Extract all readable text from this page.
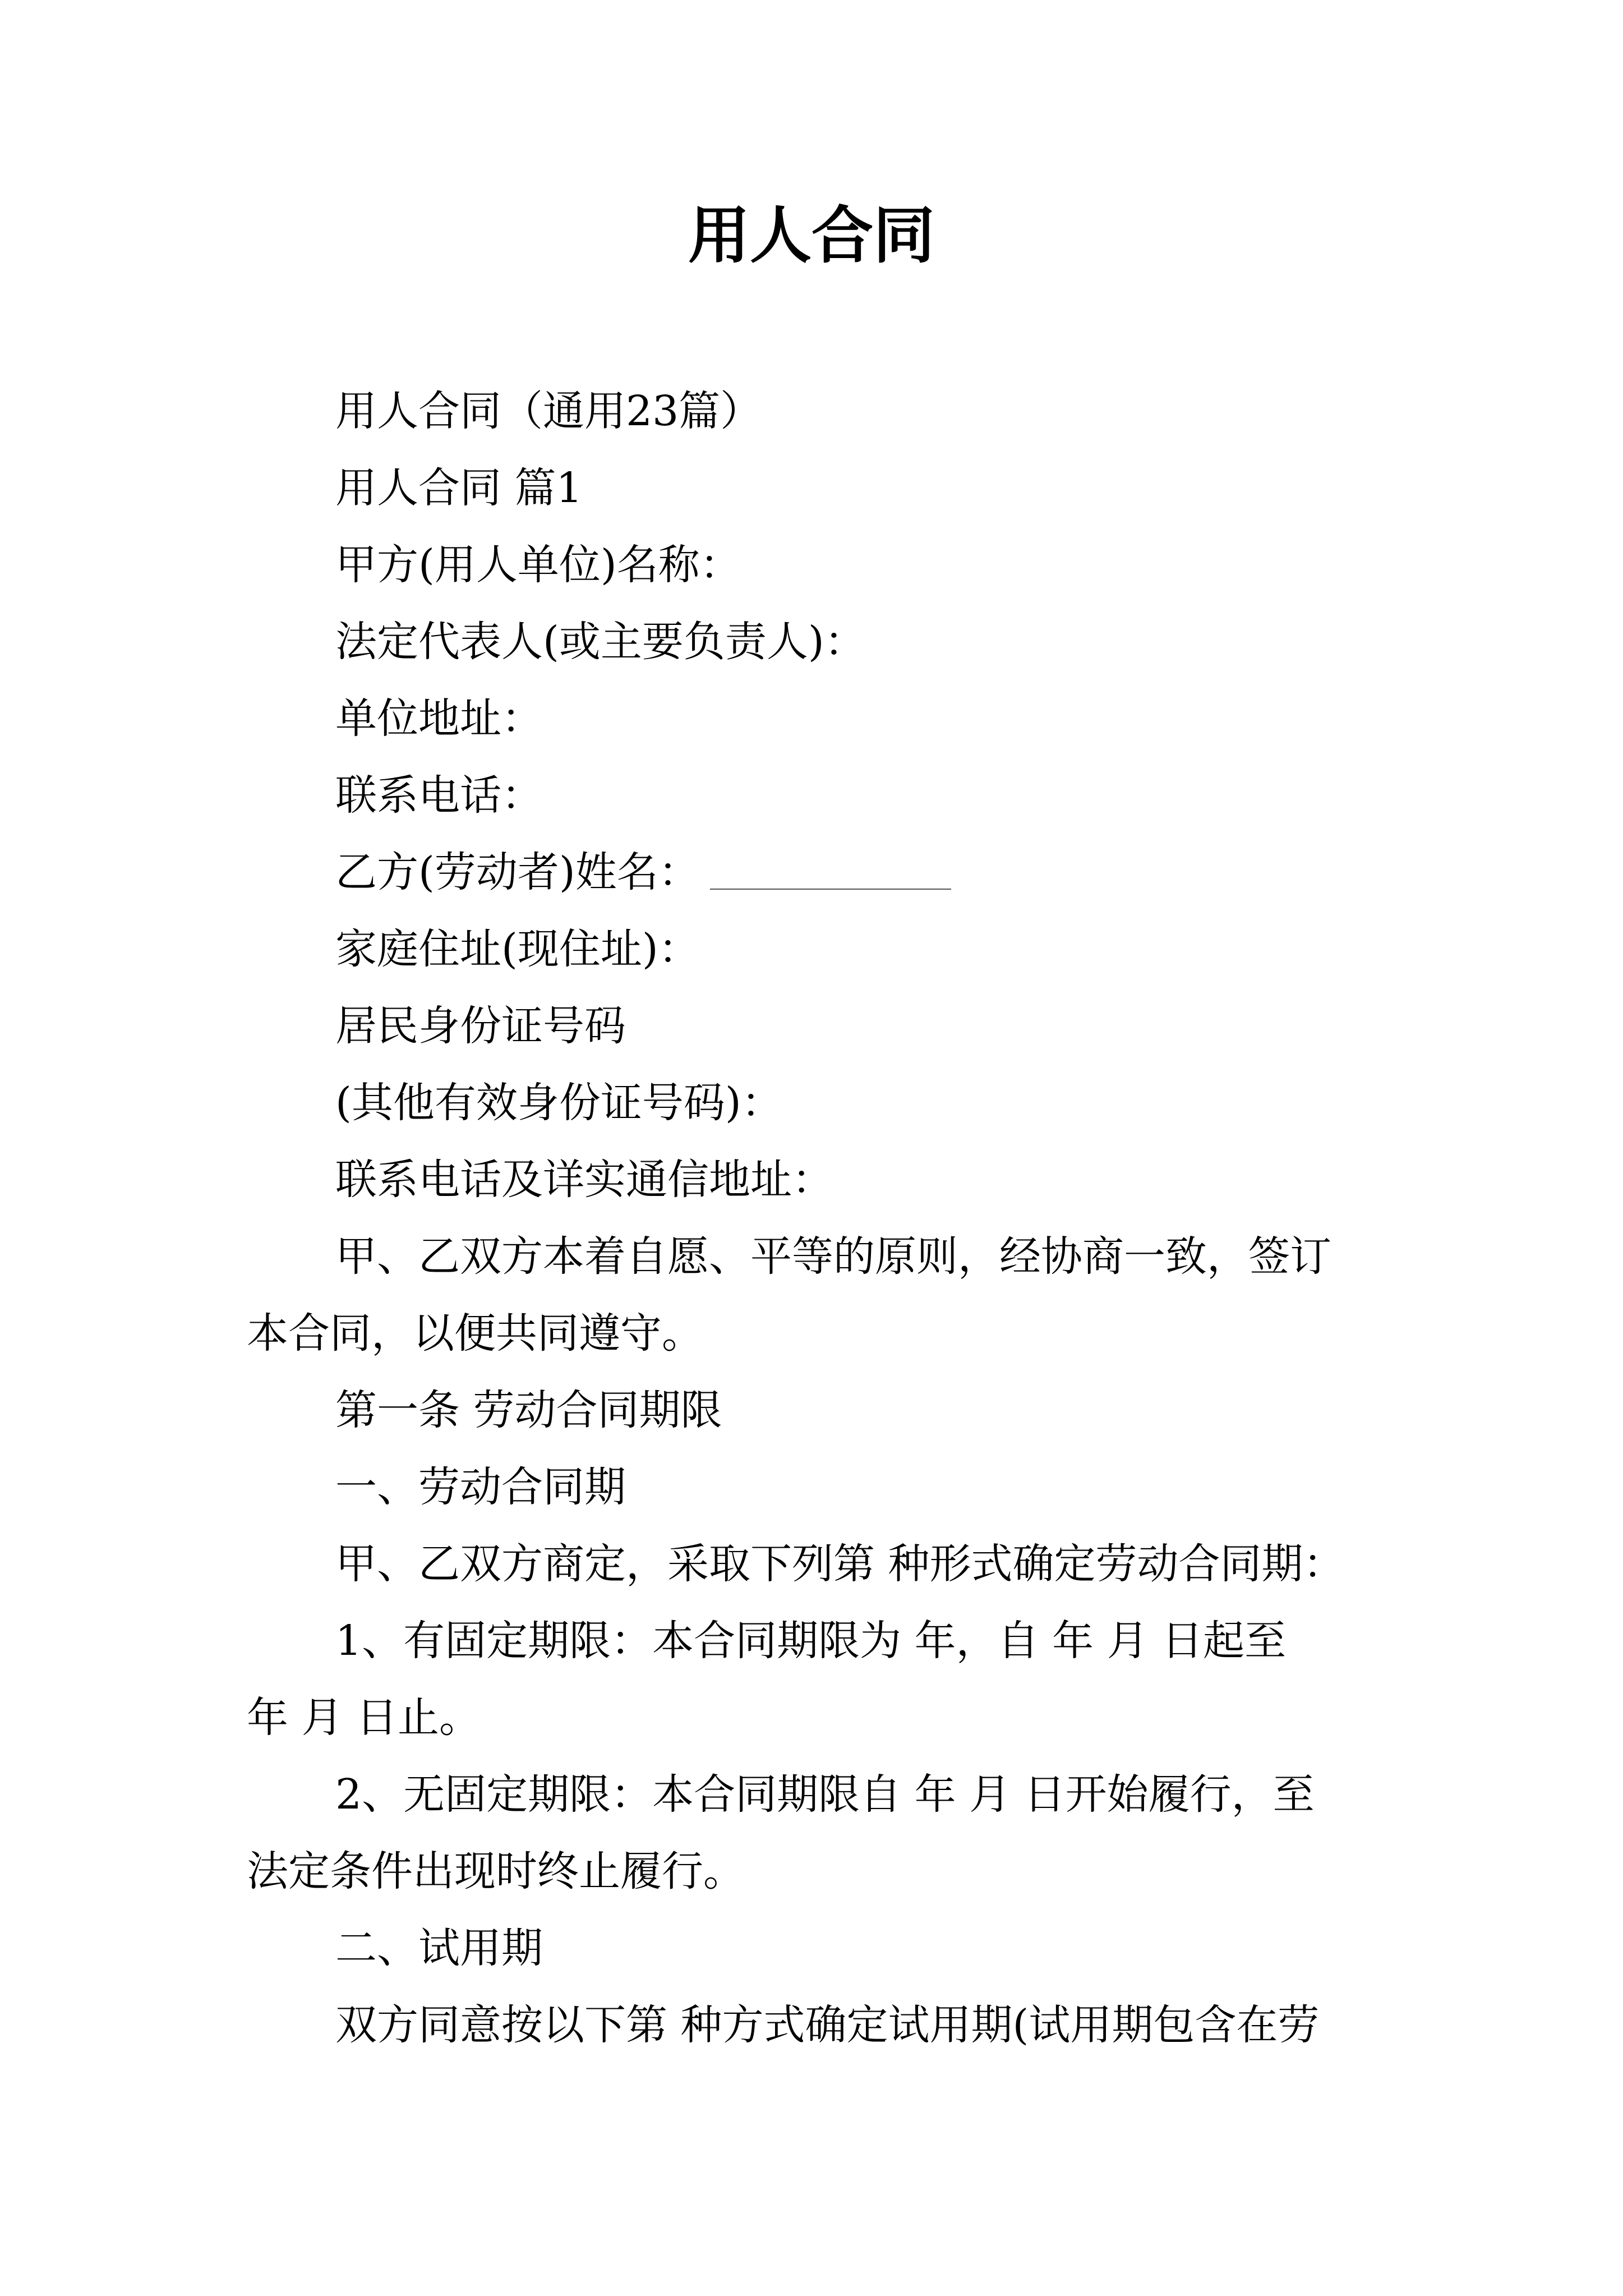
用人合同
用人合同（通用23篇）
用人合同 篇1
甲方(用人单位)名称：
法定代表人(或主要负责人)：
单位地址：
联系电话：
乙方(劳动者)姓名：
家庭住址(现住址)：
居民身份证号码
(其他有效身份证号码)：
联系电话及详实通信地址：
甲、乙双方本着自愿、平等的原则，经协商一致，签订
本合同，以便共同遵守。
第一条 劳动合同期限
一、劳动合同期
甲、乙双方商定，采取下列第 种形式确定劳动合同期：
1、有固定期限：本合同期限为 年，自 年 月 日起至
年 月 日止。
2、无固定期限：本合同期限自 年 月 日开始履行，至
法定条件出现时终止履行。
二、试用期
双方同意按以下第 种方式确定试用期(试用期包含在劳
